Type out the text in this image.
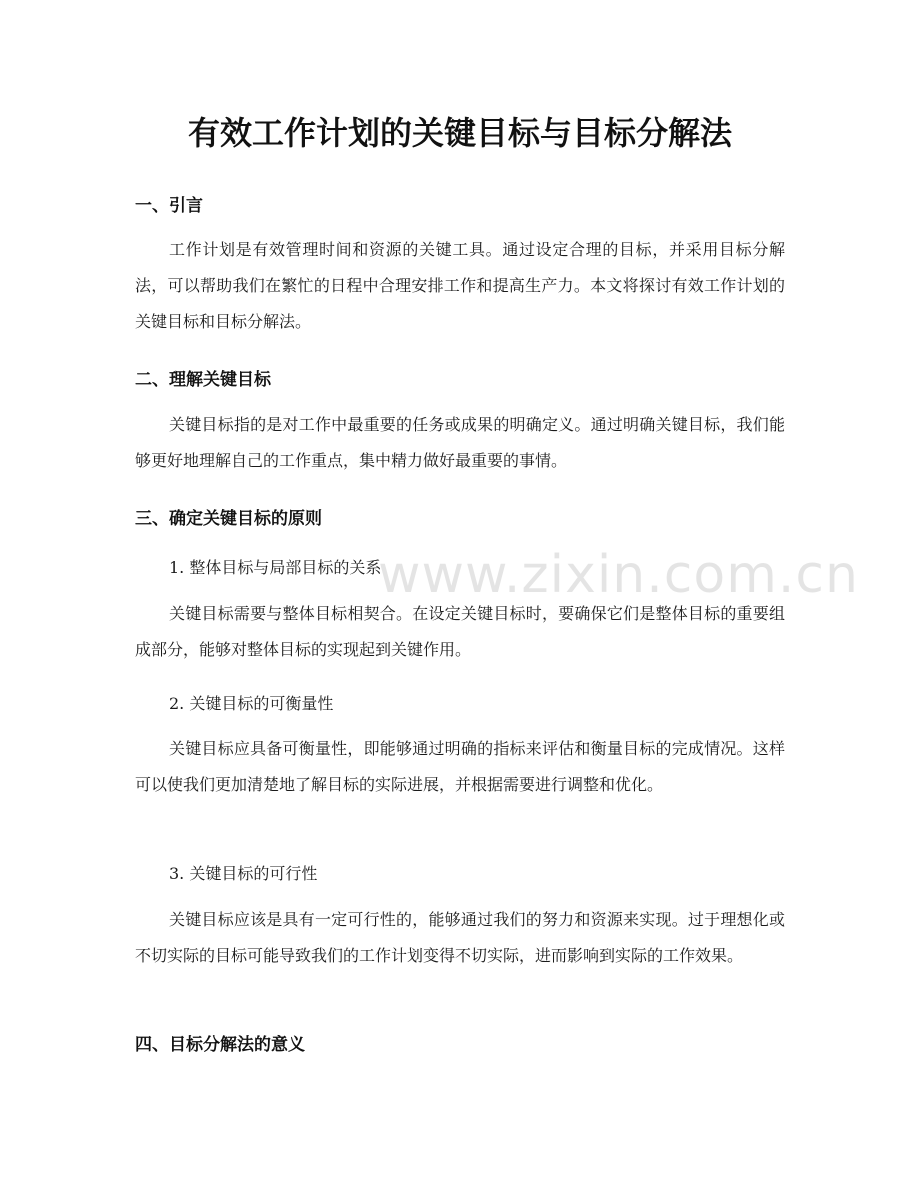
有效工作计划的关键目标与目标分解法
一、引言
工作计划是有效管理时间和资源的关键工具。通过设定合理的目标，并采用目标分解法，可以帮助我们在繁忙的日程中合理安排工作和提高生产力。本文将探讨有效工作计划的关键目标和目标分解法。
二、理解关键目标
关键目标指的是对工作中最重要的任务或成果的明确定义。通过明确关键目标，我们能够更好地理解自己的工作重点，集中精力做好最重要的事情。
三、确定关键目标的原则
1. 整体目标与局部目标的关系
关键目标需要与整体目标相契合。在设定关键目标时，要确保它们是整体目标的重要组成部分，能够对整体目标的实现起到关键作用。
2. 关键目标的可衡量性
关键目标应具备可衡量性，即能够通过明确的指标来评估和衡量目标的完成情况。这样可以使我们更加清楚地了解目标的实际进展，并根据需要进行调整和优化。
3. 关键目标的可行性
关键目标应该是具有一定可行性的，能够通过我们的努力和资源来实现。过于理想化或不切实际的目标可能导致我们的工作计划变得不切实际，进而影响到实际的工作效果。
四、目标分解法的意义
www.zixin.com.cn
